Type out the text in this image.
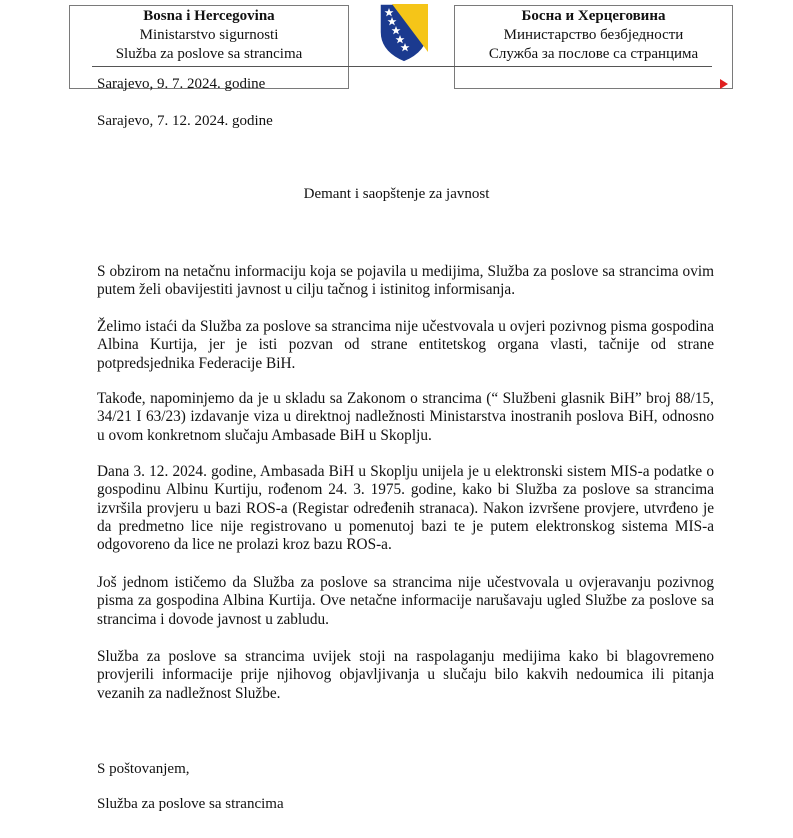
Bosna i Hercegovina
Ministarstvo sigurnosti
Služba za poslove sa strancima
Босна и Херцеговина
Министарство безбједности
Служба за послове са странцима
Sarajevo, 9. 7. 2024. godine
Sarajevo, 7. 12. 2024. godine
Demant i saopštenje za javnost

S obzirom na netačnu informaciju koja se pojavila u medijima, Služba za poslove sa strancima ovim putem želi obavijestiti javnost u cilju tačnog i istinitog informisanja.

Želimo istaći da Služba za poslove sa strancima nije učestvovala u ovjeri pozivnog pisma gospodina Albina Kurtija, jer je isti pozvan od strane entitetskog organa vlasti, tačnije od strane potpredsjednika Federacije BiH.

Takođe, napominjemo da je u skladu sa Zakonom o strancima (“ Službeni glasnik BiH” broj 88/15, 34/21 I 63/23) izdavanje viza u direktnoj nadležnosti Ministarstva inostranih poslova BiH, odnosno u ovom konkretnom slučaju Ambasade BiH u Skoplju.

Dana 3. 12. 2024. godine, Ambasada BiH u Skoplju unijela je u elektronski sistem MIS-a podatke o gospodinu Albinu Kurtiju, rođenom 24. 3. 1975. godine, kako bi Služba za poslove sa strancima izvršila provjeru u bazi ROS-a (Registar određenih stranaca). Nakon izvršene provjere, utvrđeno je da predmetno lice nije registrovano u pomenutoj bazi te je putem elektronskog sistema MIS-a odgovoreno da lice ne prolazi kroz bazu ROS-a.

Još jednom ističemo da Služba za poslove sa strancima nije učestvovala u ovjeravanju pozivnog pisma za gospodina Albina Kurtija. Ove netačne informacije narušavaju ugled Službe za poslove sa strancima i dovode javnost u zabludu.

Služba za poslove sa strancima uvijek stoji na raspolaganju medijima kako bi blagovremeno provjerili informacije prije njihovog objavljivanja u slučaju bilo kakvih nedoumica ili pitanja vezanih za nadležnost Službe.

S poštovanjem,
Služba za poslove sa strancima
